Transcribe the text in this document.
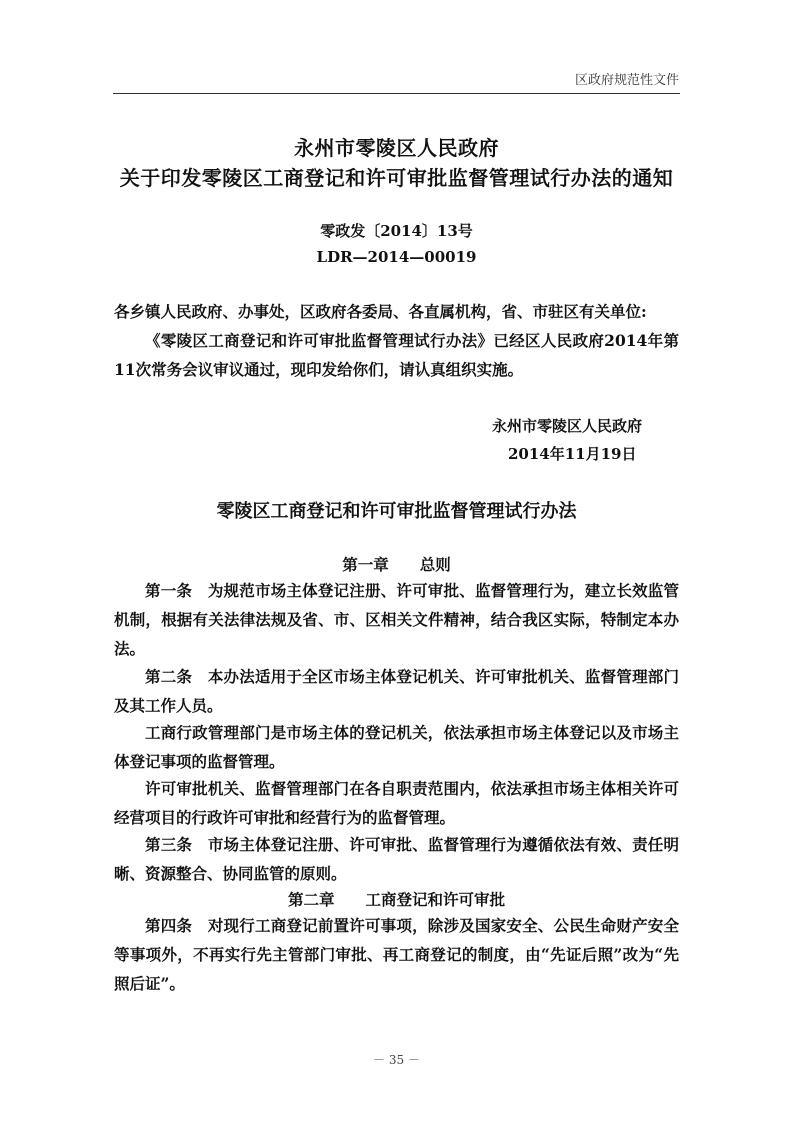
区政府规范性文件
永州市零陵区人民政府
关于印发零陵区工商登记和许可审批监督管理试行办法的通知
零政发〔2014〕13号
LDR—2014—00019
各乡镇人民政府、办事处，区政府各委局、各直属机构，省、市驻区有关单位:

《零陵区工商登记和许可审批监督管理试行办法》已经区人民政府2014年第11次常务会议审议通过，现印发给你们，请认真组织实施。

永州市零陵区人民政府
2014年11月19日
零陵区工商登记和许可审批监督管理试行办法
第一章　　总则

第一条　为规范市场主体登记注册、许可审批、监督管理行为，建立长效监管机制，根据有关法律法规及省、市、区相关文件精神，结合我区实际，特制定本办法。

第二条　本办法适用于全区市场主体登记机关、许可审批机关、监督管理部门及其工作人员。

工商行政管理部门是市场主体的登记机关，依法承担市场主体登记以及市场主体登记事项的监督管理。

许可审批机关、监督管理部门在各自职责范围内，依法承担市场主体相关许可经营项目的行政许可审批和经营行为的监督管理。

第三条　市场主体登记注册、许可审批、监督管理行为遵循依法有效、责任明晰、资源整合、协同监管的原则。

第二章　　工商登记和许可审批

第四条　对现行工商登记前置许可事项，除涉及国家安全、公民生命财产安全等事项外，不再实行先主管部门审批、再工商登记的制度，由“先证后照”改为“先照后证”。

－ 35 －
